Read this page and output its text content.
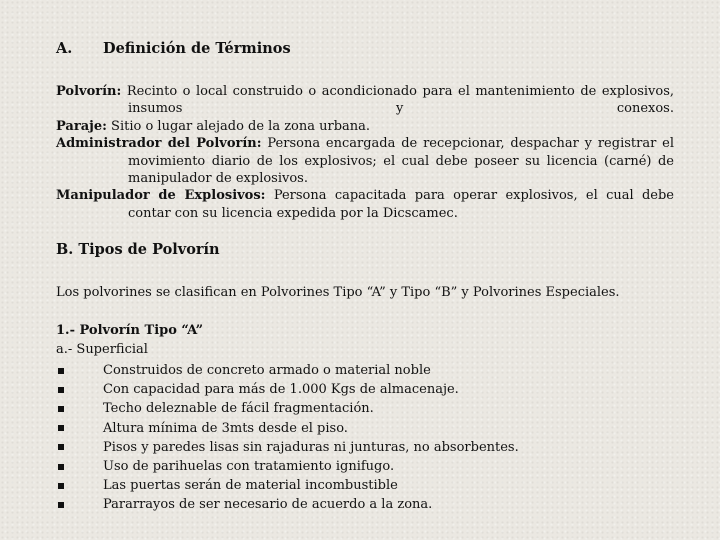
A. Definición de Términos
Polvorín: Recinto o local construido o acondicionado para el mantenimiento de explosivos, insumos y conexos.
Paraje: Sitio o lugar alejado de la zona urbana.
Administrador del Polvorín: Persona encargada de recepcionar, despachar y registrar el movimiento diario de los explosivos; el cual debe poseer su licencia (carné) de manipulador de explosivos.
Manipulador de Explosivos: Persona capacitada para operar explosivos, el cual debe contar con su licencia expedida por la Dicscamec.
B. Tipos de Polvorín
Los polvorines se clasifican en Polvorines Tipo “A” y Tipo “B” y Polvorines Especiales.
1.- Polvorín Tipo “A”
a.- Superficial
Construidos de concreto armado o material noble
Con capacidad para más de 1.000 Kgs de almacenaje.
Techo deleznable de fácil fragmentación.
Altura mínima de 3mts desde el piso.
Pisos y paredes lisas sin rajaduras ni junturas, no absorbentes.
Uso de parihuelas con tratamiento ignifugo.
Las puertas serán de material incombustible
Pararrayos de ser necesario de acuerdo a la zona.
